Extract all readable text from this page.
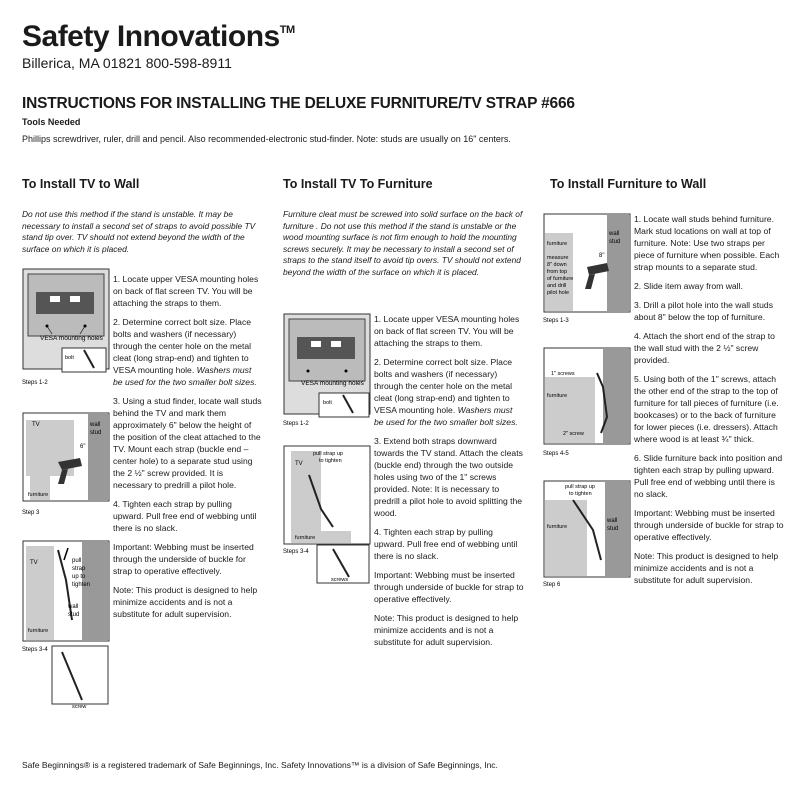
Safety Innovations™
Billerica, MA 01821 800-598-8911
INSTRUCTIONS FOR INSTALLING THE DELUXE FURNITURE/TV STRAP #666
Tools Needed
Phillips screwdriver, ruler, drill and pencil. Also recommended-electronic stud-finder. Note: studs are usually on 16" centers.
To Install TV to Wall
Do not use this method if the stand is unstable. It may be necessary to install a second set of straps to avoid possible TV stand tip over. TV should not extend beyond the width of the surface on which it is placed.
VESA mounting holes
bolt
Steps 1-2

1. Locate upper VESA mounting holes on back of flat screen TV. You will be attaching the straps to them.

2. Determine correct bolt size. Place bolts and washers (if necessary) through the center hole on the metal cleat (long strap-end) and tighten to VESA mounting hole. Washers must be used for the two smaller bolt sizes.

3. Using a stud finder, locate wall studs behind the TV and mark them approximately 6" below the height of the position of the cleat attached to the TV. Mount each strap (buckle end – center hole) to a separate stud using the 2 ½" screw provided. It is necessary to predrill a pilot hole.

4. Tighten each strap by pulling upward. Pull free end of webbing until there is no slack.

Important: Webbing must be inserted through the underside of buckle for strap to operative effectively.

Note: This product is designed to help minimize accidents and is not a substitute for adult supervision.

TV	wall
stud
6"
furniture
Step 3
TV	pull
strap
up to
tighten
wall
stud
furniture
screw
Steps 3-4
To Install TV To Furniture
Furniture cleat must be screwed into solid surface on the back of furniture . Do not use this method if the stand is unstable or the wood mounting surface is not firm enough to hold the mounting screws securely. It may be necessary to install a second set of straps to the stand itself to avoid tip overs. TV should not extend beyond the width of the surface on which it is placed.
VESA mounting holes
bolt
Steps 1-2

1. Locate upper VESA mounting holes on back of flat screen TV. You will be attaching the straps to them.

2. Determine correct bolt size. Place bolts and washers (if necessary) through the center hole on the metal cleat (long strap-end) and tighten to VESA mounting hole. Washers must be used for the two smaller bolt sizes.

3. Extend both straps downward towards the TV stand. Attach the cleats (buckle end) through the two outside holes using two of the 1" screws provided. Note: It is necessary to predrill a pilot hole to avoid splitting the wood.

4. Tighten each strap by pulling upward. Pull free end of webbing until there is no slack.

Important: Webbing must be inserted through underside of buckle for strap to operative effectively.

Note: This product is designed to help minimize accidents and is not a substitute for adult supervision.

TV
pull strap up
to tighten
furniture
screws
Steps 3-4
To Install Furniture to Wall
furniture
measure
8" down
from top
of furniture
and drill
pilot hole
wall
stud
8"
Steps 1-3

1. Locate wall studs behind furniture. Mark stud locations on wall at top of furniture. Note: Use two straps per piece of furniture when possible. Each strap mounts to a separate stud.

2. Slide item away from wall.

3. Drill a pilot hole into the wall studs about 8" below the top of furniture.

4. Attach the short end of the strap to the wall stud with the 2 ½" screw provided.

5. Using both of the 1" screws, attach the other end of the strap to the top of furniture for tall pieces of furniture (i.e. bookcases) or to the back of furniture for lower pieces (i.e. dressers). Attach where wood is at least ¾" thick.

6. Slide furniture back into position and tighten each strap by pulling upward. Pull free end of webbing until there is no slack.

Important: Webbing must be inserted through underside of buckle for strap to operative effectively.

Note: This product is designed to help minimize accidents and is not a substitute for adult supervision.

1" screws
furniture
2" screw
Steps 4-5
pull strap up
to tighten
furniture
wall
stud
Step 6
Safe Beginnings® is a registered trademark of Safe Beginnings, Inc. Safety Innovations™ is a division of Safe Beginnings, Inc.
